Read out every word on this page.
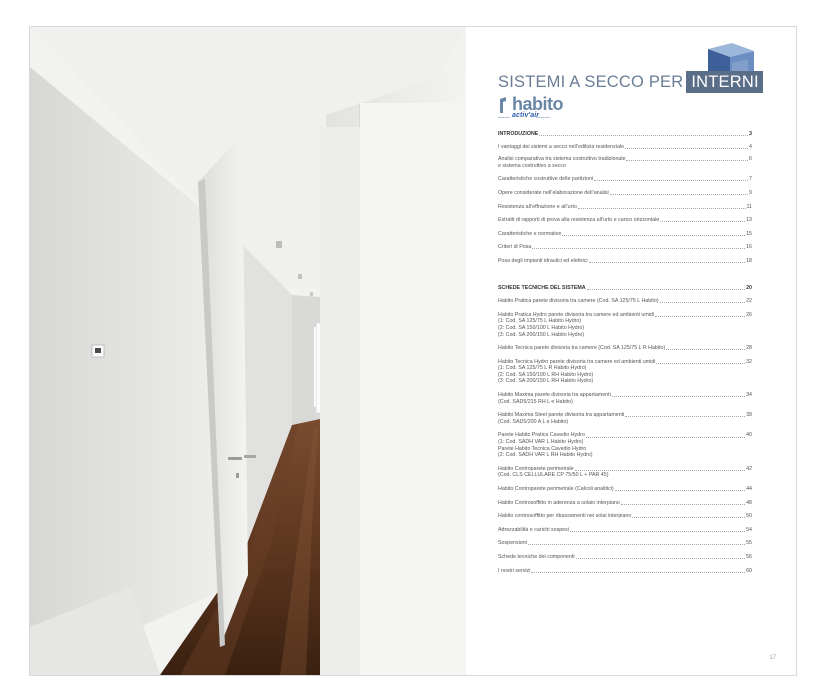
SISTEMI A SECCO PER INTERNI
habito
activ'air
INTRODUZIONE	3
I vantaggi dei sistemi a secco nell’edilizia residenziale	4
Analisi comparativa tra sistema costruttivo tradizionale	6
e sistema costruttivo a secco
Caratteristiche costruttive delle partizioni	7
Opere considerate nell’elaborazione dell’analisi	9
Resistenza all’effrazione e all’urto	11
Estratti di rapporti di prova alla resistenza all’urto e carico orizzontale	13
Caratteristiche e normative	15
Criteri di Posa	16
Posa degli impianti idraulici ed elettrici	18
SCHEDE TECNICHE DEL SISTEMA	20
Habito Pratica parete divisoria tra camere (Cod. SA 125/75 L Habito)	22
Habito Pratica Hydro parete divisoria tra camere ed ambienti umidi	26
(1: Cod. SA 125/75 L Habito Hydro)
(2: Cod. SA 150/100 L Habito Hydro)
(3: Cod. SA 200/150 L Habito Hydro)
Habito Tecnica parete divisoria tra camere (Cod. SA 125/75 L R Habito)	28
Habito Tecnica Hydro parete divisoria tra camere ed ambienti umidi	32
(1: Cod. SA 125/75 L R Habito Hydro)
(2: Cod. SA 150/100 L RH Habito Hydro)
(3: Cod. SA 200/150 L RH Habito Hydro)
Habito Maxima parete divisoria tra appartamenti	34
(Cod. SAD5/215 RH L e Habito)
Habito Maxima Steel parete divisoria tra appartamenti	38
(Cod. SAD5/200 A L e Habito)
Parete Habito Pratica Cavedio Hydro	40
(1: Cod. SADH VAR L Habito Hydro)
Parete Habito Tecnica Cavedio Hydro
(2: Cod. SADH VAR L RH Habito Hydro)
Habito Controparete perimetrale	42
(Cod. CLS CELLULARE CP 75/50 L + PAR 45)
Habito Controparete perimetrale (Calcoli analitici)	44
Habito Controsoffitto in aderenza a solaio interpiano	48
Habito controsoffitto per ribassamenti nei solai interpiano	50
Attrezzabilità e carichi sospesi	54
Sospensioni	55
Schede tecniche dei componenti	56
I nostri servizi	60
17
